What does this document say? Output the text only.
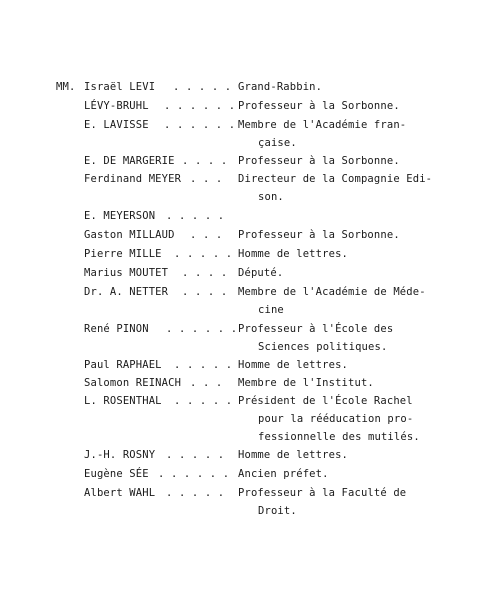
MM. Israël LEVI . . . . . Grand-Rabbin.
LÉVY-BRUHL . . . . . . Professeur à la Sorbonne.
E. LAVISSE . . . . . . Membre de l'Académie fran-
çaise.
E. DE MARGERIE . . . . Professeur à la Sorbonne.
Ferdinand MEYER . . . Directeur de la Compagnie Edi-
son.
E. MEYERSON . . . . .
Gaston MILLAUD . . . Professeur à la Sorbonne.
Pierre MILLE . . . . . Homme de lettres.
Marius MOUTET . . . . Député.
Dr. A. NETTER . . . . Membre de l'Académie de Méde-
cine
René PINON . . . . . . Professeur à l'École des
Sciences politiques.
Paul RAPHAEL . . . . . Homme de lettres.
Salomon REINACH . . . Membre de l'Institut.
L. ROSENTHAL . . . . . Président de l'École Rachel
pour la rééducation pro-
fessionnelle des mutilés.
J.-H. ROSNY . . . . . Homme de lettres.
Eugène SÉE . . . . . . Ancien préfet.
Albert WAHL . . . . . Professeur à la Faculté de
Droit.
